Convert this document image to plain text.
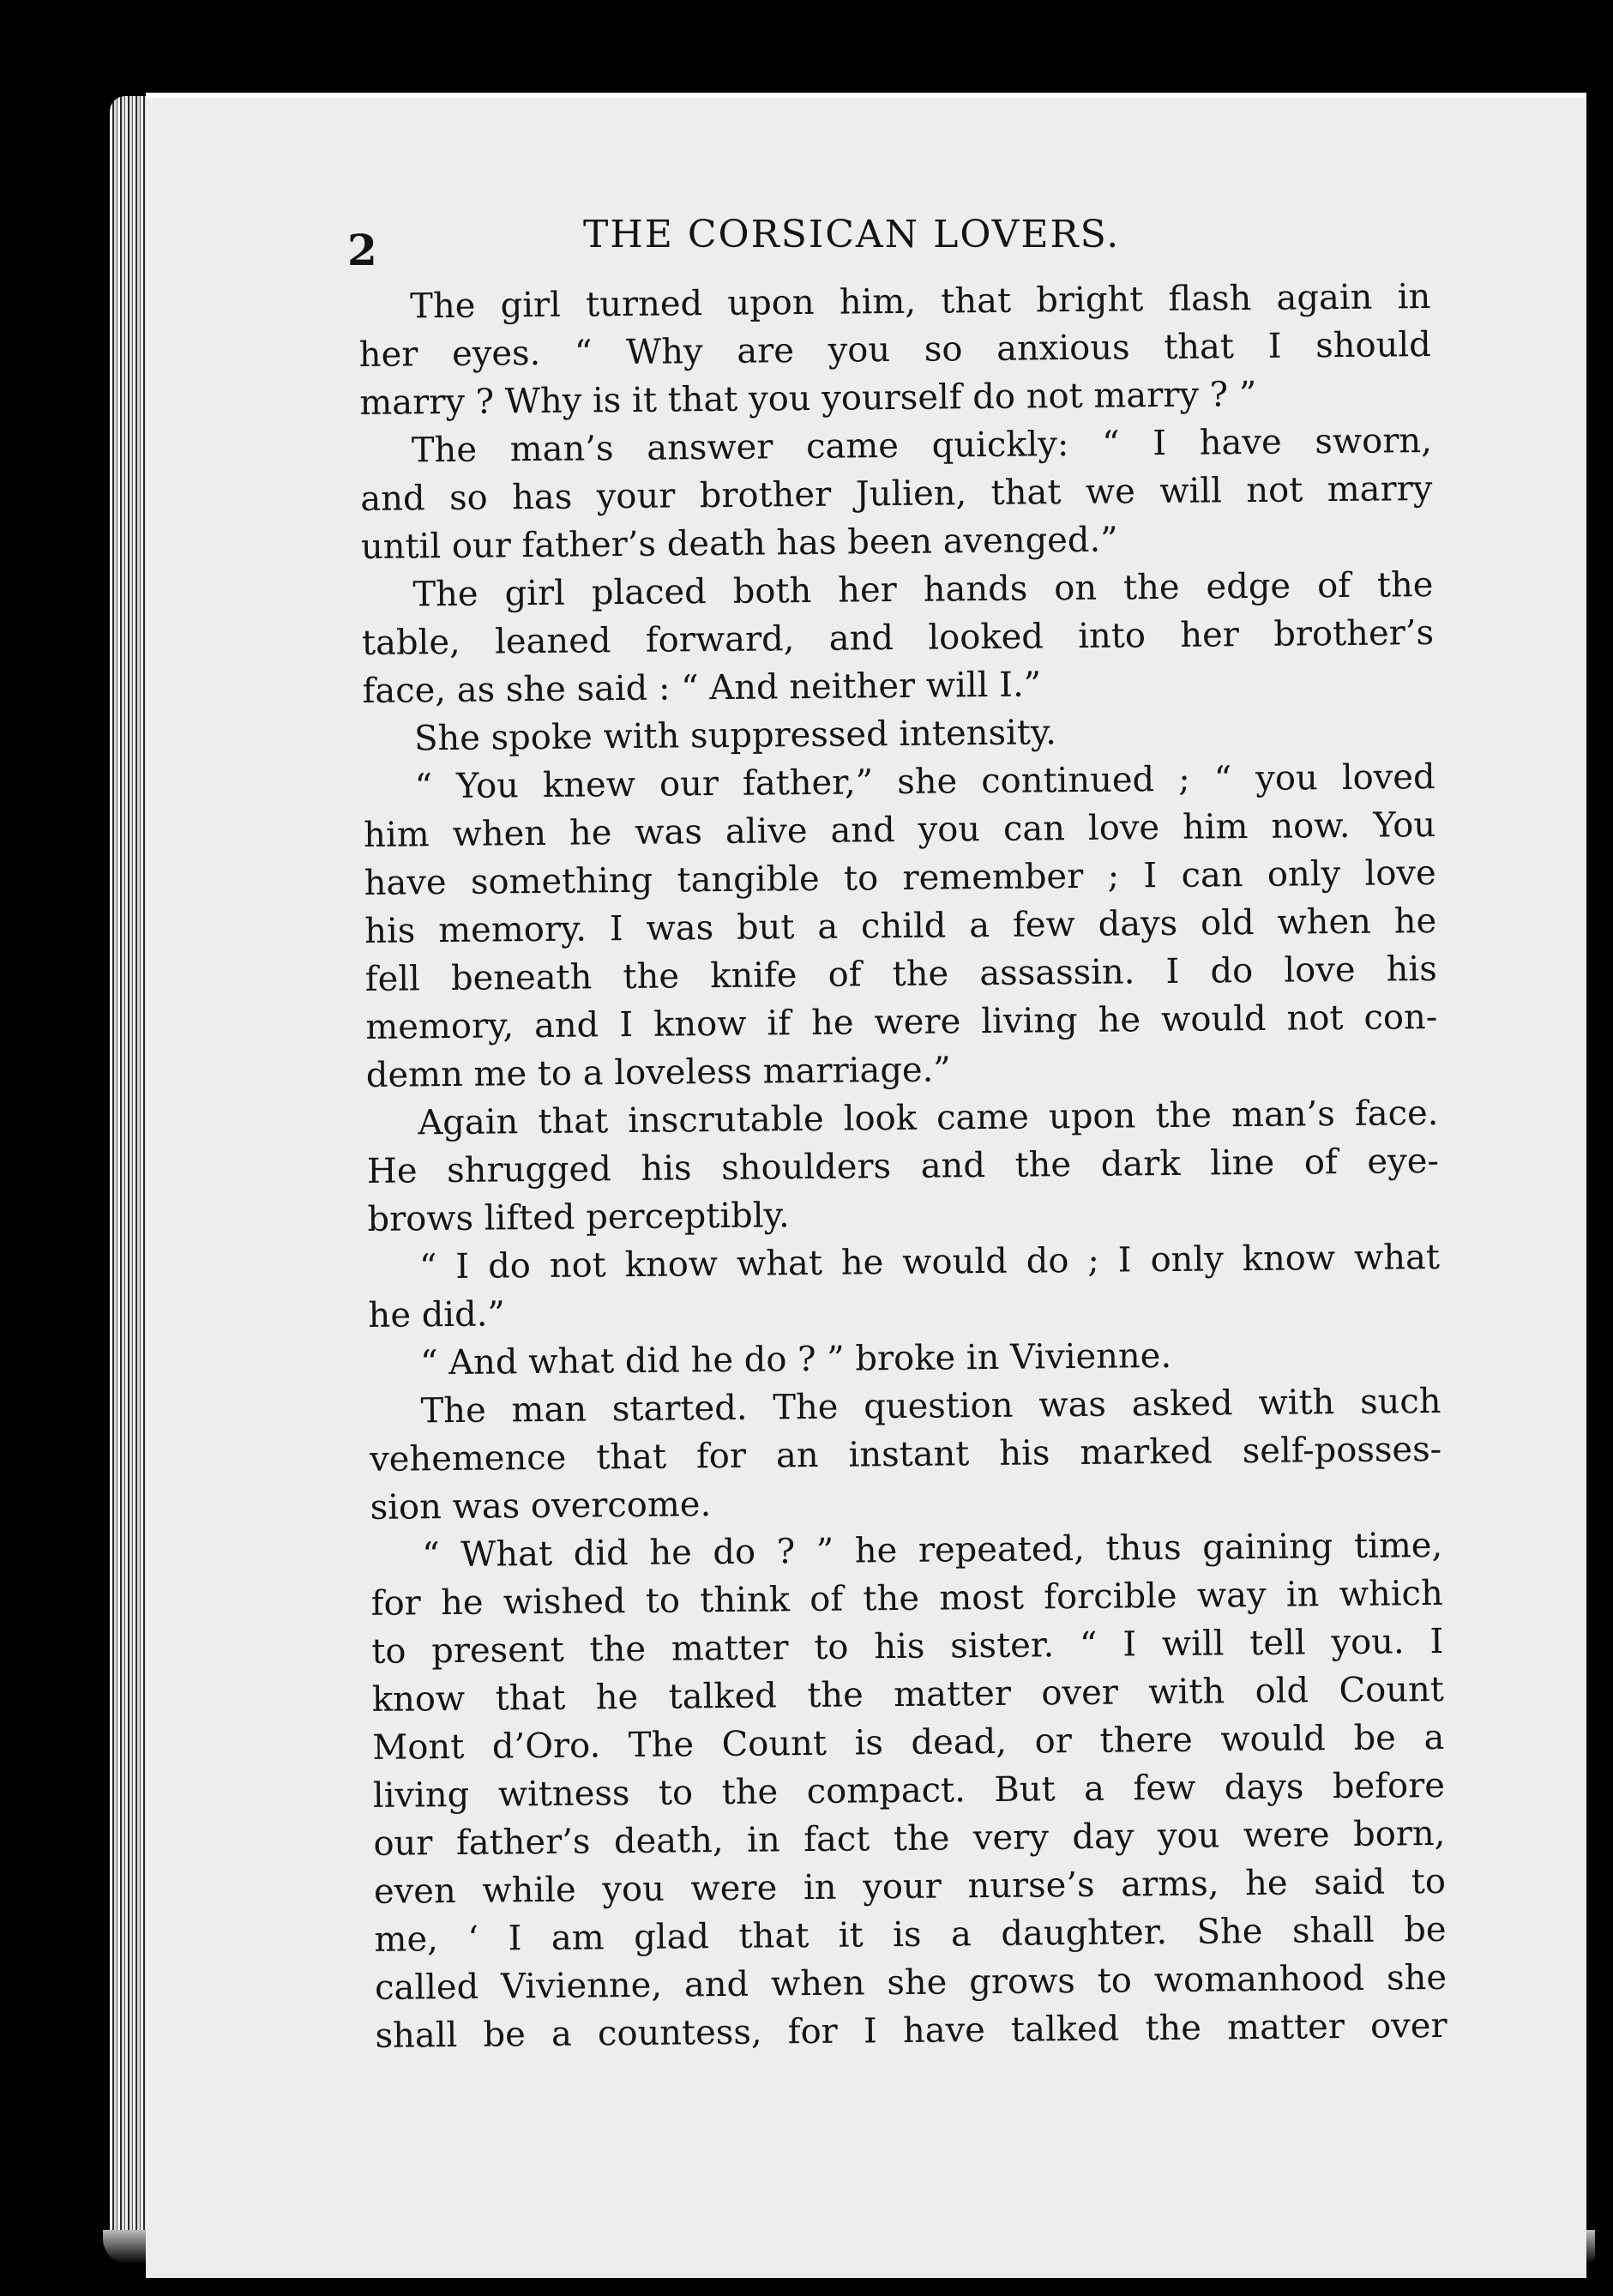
2	THE CORSICAN LOVERS.
The girl turned upon him, that bright flash again in
her eyes. “ Why are you so anxious that I should
marry ? Why is it that you yourself do not marry ? ”
The man’s answer came quickly: “ I have sworn,
and so has your brother Julien, that we will not marry
until our father’s death has been avenged.”
The girl placed both her hands on the edge of the
table, leaned forward, and looked into her brother’s
face, as she said : “ And neither will I.”
She spoke with suppressed intensity.
“ You knew our father,” she continued ; “ you loved
him when he was alive and you can love him now. You
have something tangible to remember ; I can only love
his memory. I was but a child a few days old when he
fell beneath the knife of the assassin. I do love his
memory, and I know if he were living he would not con-
demn me to a loveless marriage.”
Again that inscrutable look came upon the man’s face.
He shrugged his shoulders and the dark line of eye-
brows lifted perceptibly.
“ I do not know what he would do ; I only know what
he did.”
“ And what did he do ? ” broke in Vivienne.
The man started. The question was asked with such
vehemence that for an instant his marked self-posses-
sion was overcome.
“ What did he do ? ” he repeated, thus gaining time,
for he wished to think of the most forcible way in which
to present the matter to his sister. “ I will tell you. I
know that he talked the matter over with old Count
Mont d’Oro. The Count is dead, or there would be a
living witness to the compact. But a few days before
our father’s death, in fact the very day you were born,
even while you were in your nurse’s arms, he said to
me, ‘ I am glad that it is a daughter. She shall be
called Vivienne, and when she grows to womanhood she
shall be a countess, for I have talked the matter over
